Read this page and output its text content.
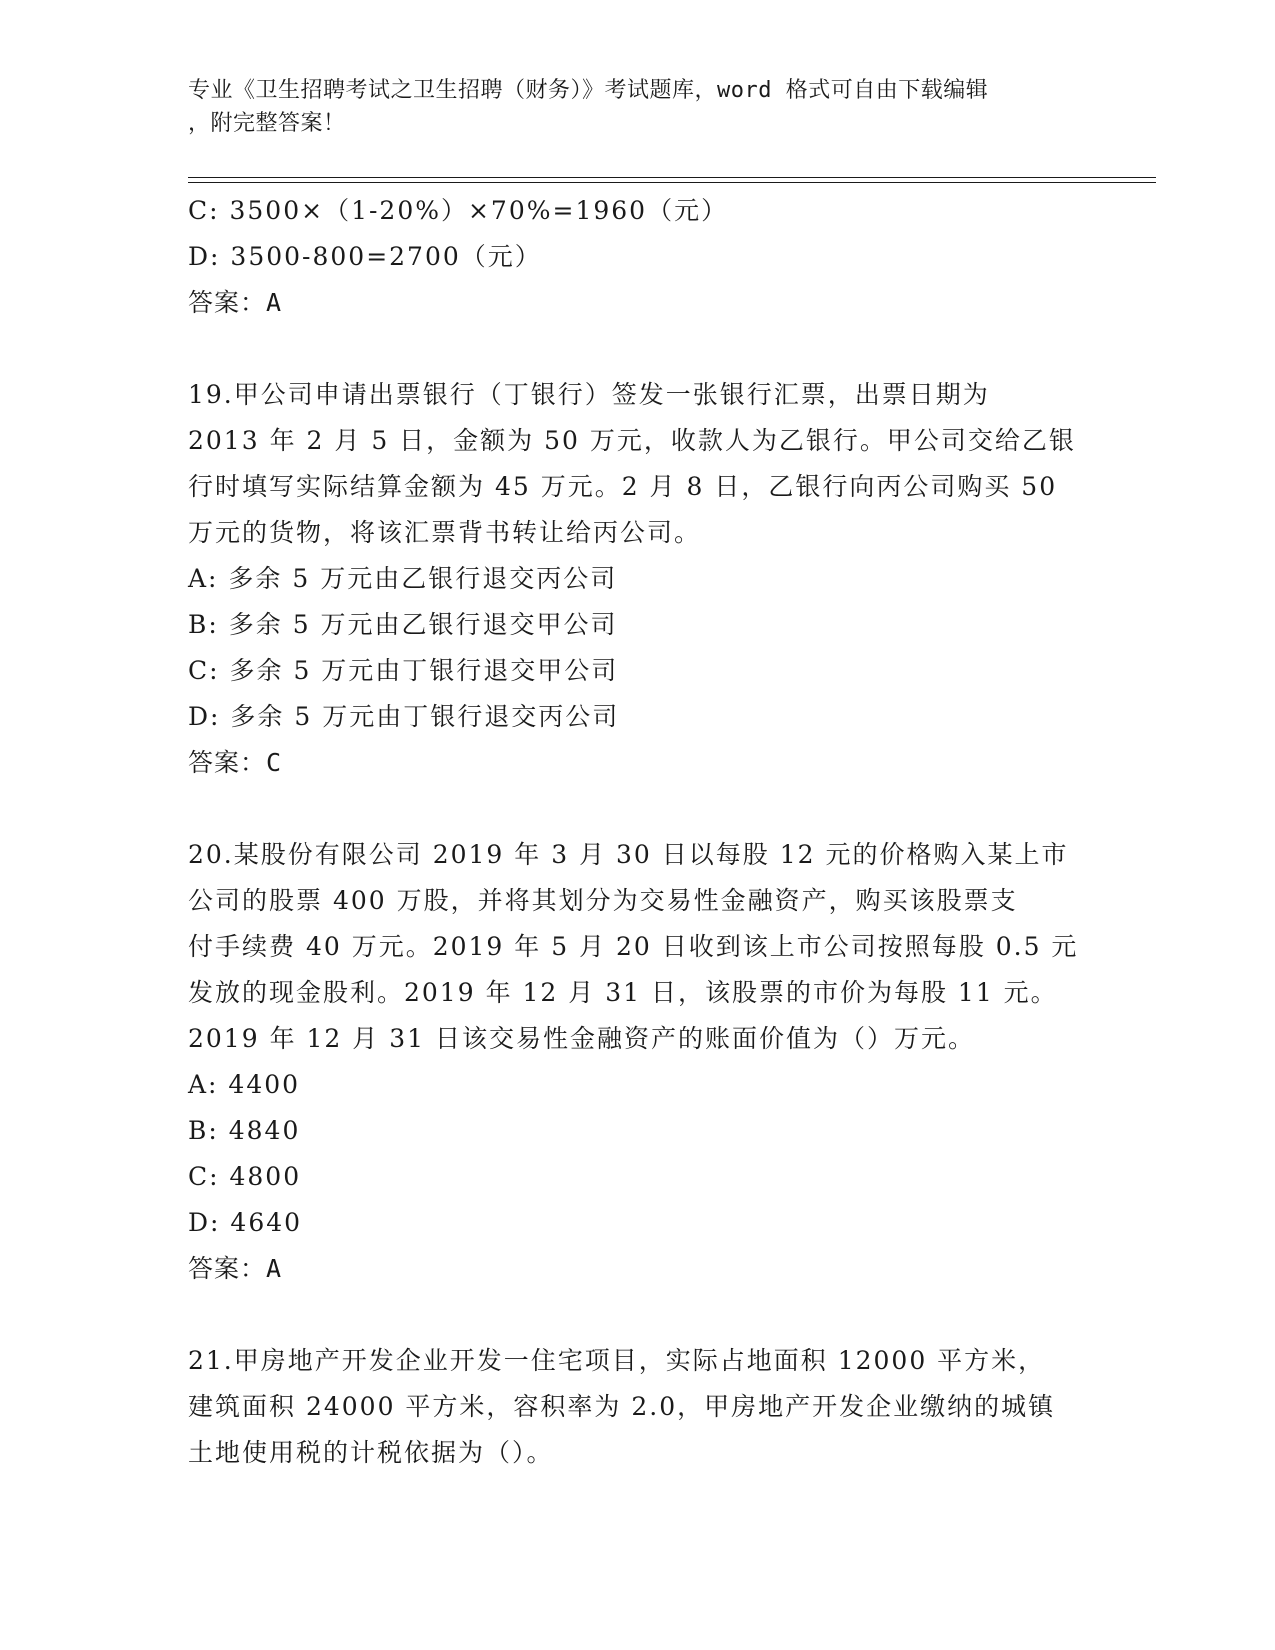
专业《卫生招聘考试之卫生招聘（财务）》考试题库，word 格式可自由下载编辑
，附完整答案！
C: 3500×（1-20%）×70%=1960（元）
D: 3500-800=2700（元）
答案：A
19.甲公司申请出票银行（丁银行）签发一张银行汇票，出票日期为
2013 年 2 月 5 日，金额为 50 万元，收款人为乙银行。甲公司交给乙银
行时填写实际结算金额为 45 万元。2 月 8 日，乙银行向丙公司购买 50
万元的货物，将该汇票背书转让给丙公司。
A: 多余 5 万元由乙银行退交丙公司
B: 多余 5 万元由乙银行退交甲公司
C: 多余 5 万元由丁银行退交甲公司
D: 多余 5 万元由丁银行退交丙公司
答案：C
20.某股份有限公司 2019 年 3 月 30 日以每股 12 元的价格购入某上市
公司的股票 400 万股，并将其划分为交易性金融资产，购买该股票支
付手续费 40 万元。2019 年 5 月 20 日收到该上市公司按照每股 0.5 元
发放的现金股利。2019 年 12 月 31 日，该股票的市价为每股 11 元。
2019 年 12 月 31 日该交易性金融资产的账面价值为（）万元。
A: 4400
B: 4840
C: 4800
D: 4640
答案：A
21.甲房地产开发企业开发一住宅项目，实际占地面积 12000 平方米，
建筑面积 24000 平方米，容积率为 2.0，甲房地产开发企业缴纳的城镇
土地使用税的计税依据为（）。
